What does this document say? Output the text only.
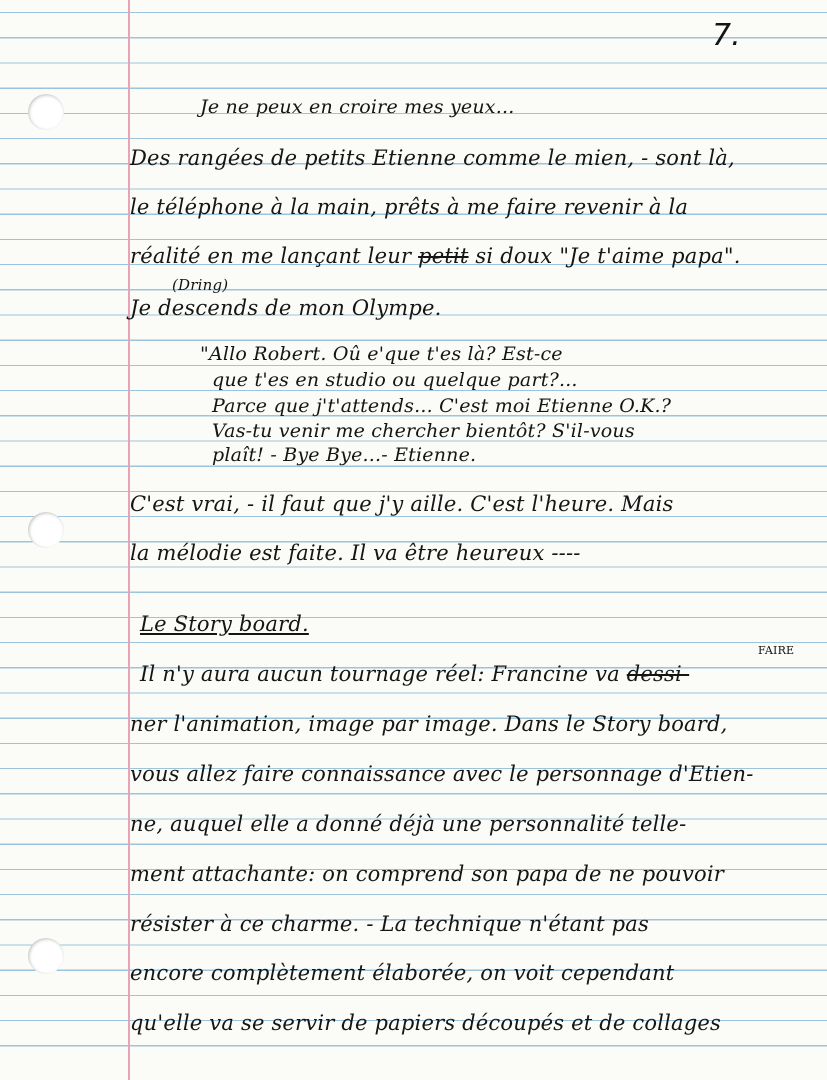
7.
Je ne peux en croire mes yeux...
Des rangées de petits Etienne comme le mien, - sont là,
le téléphone à la main, prêts à me faire revenir à la
réalité en me lançant leur petit si doux "Je t'aime papa".
(Dring)
Je descends de mon Olympe.
"Allo Robert. Oû e'que t'es là? Est-ce
que t'es en studio ou quelque part?...
Parce que j't'attends... C'est moi Etienne O.K.?
Vas-tu venir me chercher bientôt? S'il-vous
plaît! - Bye Bye...- Etienne.
C'est vrai, - il faut que j'y aille. C'est l'heure. Mais
la mélodie est faite. Il va être heureux ----
Le Story board.
FAIRE
Il n'y aura aucun tournage réel: Francine va dessi-
ner l'animation, image par image. Dans le Story board,
vous allez faire connaissance avec le personnage d'Etien-
ne, auquel elle a donné déjà une personnalité telle-
ment attachante: on comprend son papa de ne pouvoir
résister à ce charme. - La technique n'étant pas
encore complètement élaborée, on voit cependant
qu'elle va se servir de papiers découpés et de collages
